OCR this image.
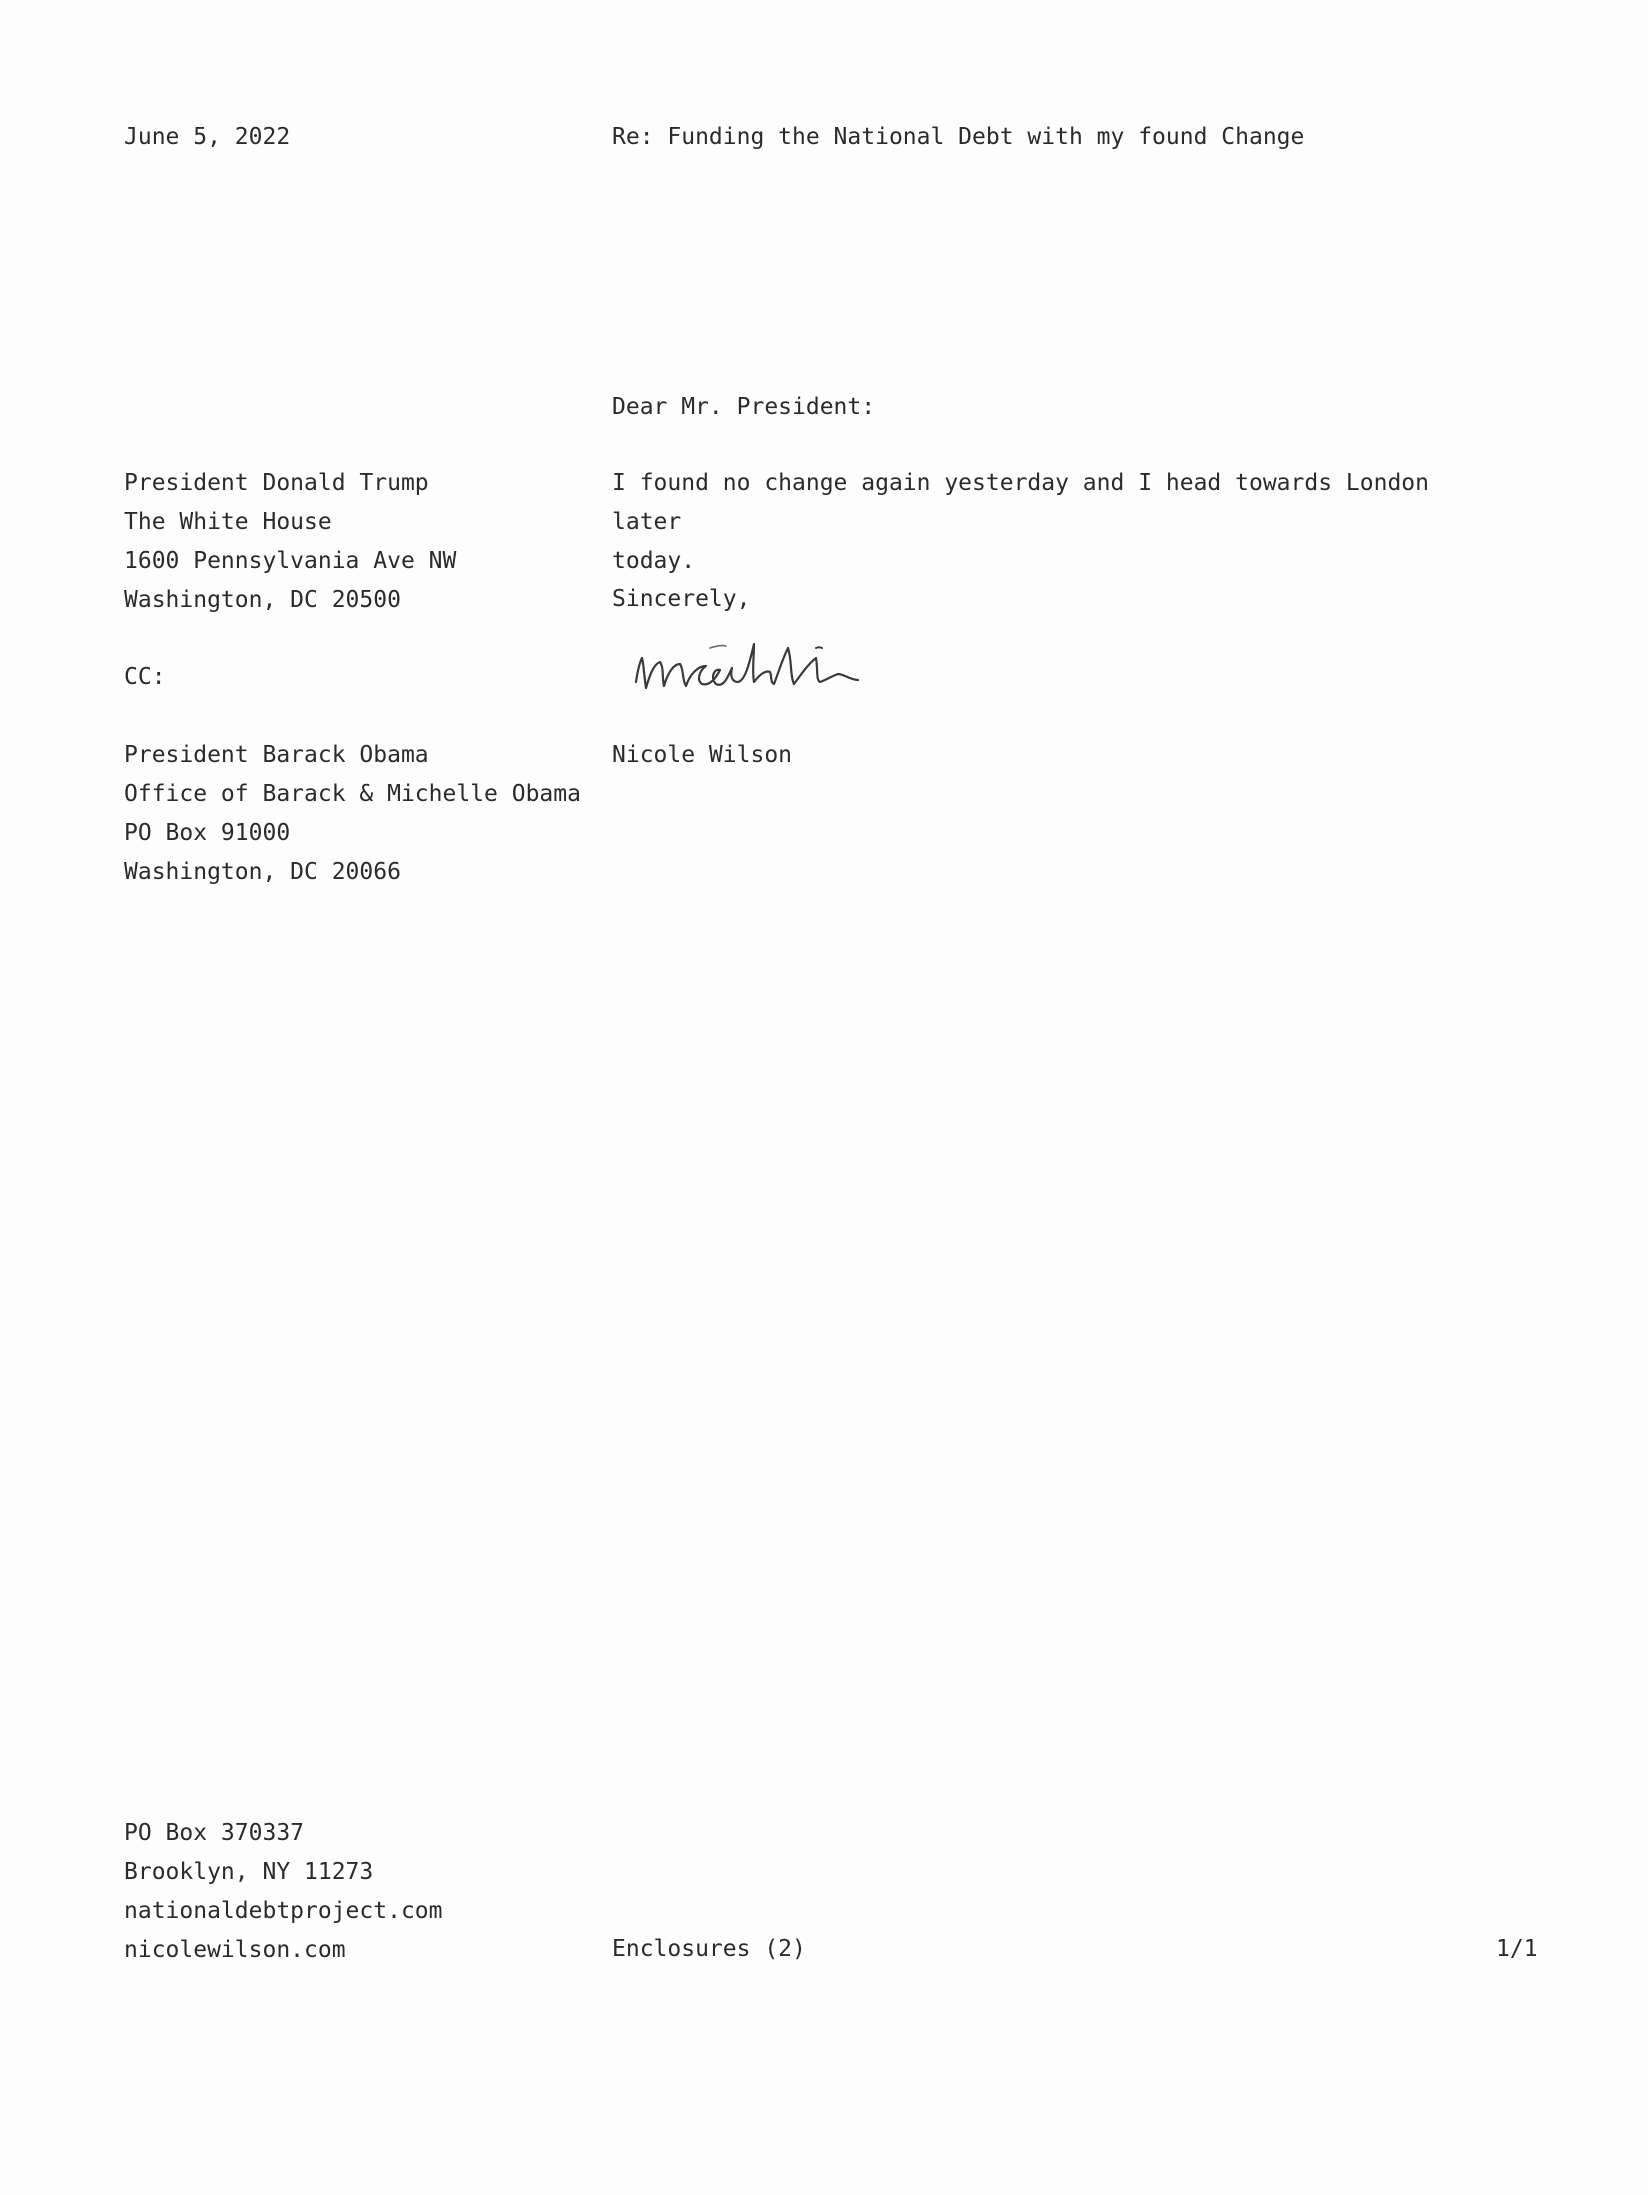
June 5, 2022	Re: Funding the National Debt with my found Change
Dear Mr. President:
President Donald Trump
The White House
1600 Pennsylvania Ave NW
Washington, DC 20500
I found no change again yesterday and I head towards London later
today.
Sincerely,
CC:
Nicole Wilson
President Barack Obama
Office of Barack & Michelle Obama
PO Box 91000
Washington, DC 20066
PO Box 370337
Brooklyn, NY 11273
nationaldebtproject.com
nicolewilson.com	Enclosures (2)	1/1
